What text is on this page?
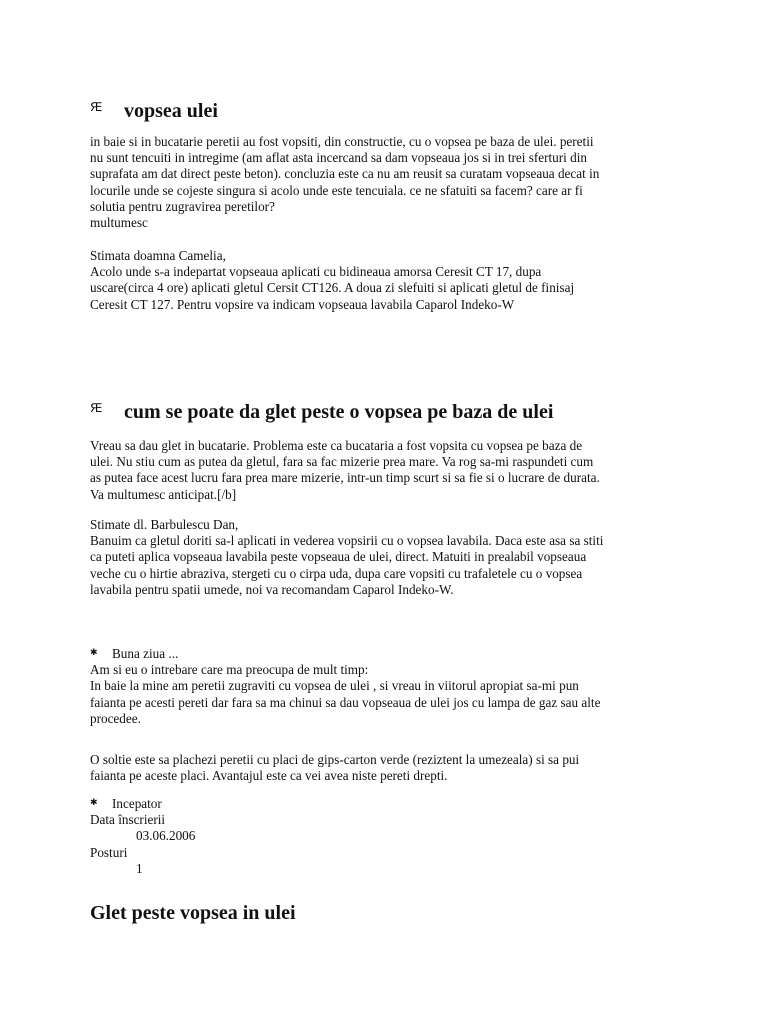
Ԙ vopsea ulei
in baie si in bucatarie peretii au fost vopsiti, din constructie, cu o vopsea pe baza de ulei. peretii
nu sunt tencuiti in intregime (am aflat asta incercand sa dam vopseaua jos si in trei sferturi din
suprafata am dat direct peste beton). concluzia este ca nu am reusit sa curatam vopseaua decat in
locurile unde se cojeste singura si acolo unde este tencuiala. ce ne sfatuiti sa facem? care ar fi
solutia pentru zugravirea peretilor?
multumesc
Stimata doamna Camelia,
Acolo unde s-a indepartat vopseaua aplicati cu bidineaua amorsa Ceresit CT 17, dupa
uscare(circa 4 ore) aplicati gletul Cersit CT126. A doua zi slefuiti si aplicati gletul de finisaj
Ceresit CT 127. Pentru vopsire va indicam vopseaua lavabila Caparol Indeko-W
Ԙ cum se poate da glet peste o vopsea pe baza de ulei
Vreau sa dau glet in bucatarie. Problema este ca bucataria a fost vopsita cu vopsea pe baza de
ulei. Nu stiu cum as putea da gletul, fara sa fac mizerie prea mare. Va rog sa-mi raspundeti cum
as putea face acest lucru fara prea mare mizerie, intr-un timp scurt si sa fie si o lucrare de durata.
Va multumesc anticipat.[/b]
Stimate dl. Barbulescu Dan,
Banuim ca gletul doriti sa-l aplicati in vederea vopsirii cu o vopsea lavabila. Daca este asa sa stiti
ca puteti aplica vopseaua lavabila peste vopseaua de ulei, direct. Matuiti in prealabil vopseaua
veche cu o hirtie abraziva, stergeti cu o cirpa uda, dupa care vopsiti cu trafaletele cu o vopsea
lavabila pentru spatii umede, noi va recomandam Caparol Indeko-W.
✱ Buna ziua ...
Am si eu o intrebare care ma preocupa de mult timp:
In baie la mine am peretii zugraviti cu vopsea de ulei , si vreau in viitorul apropiat sa-mi pun
faianta pe acesti pereti dar fara sa ma chinui sa dau vopseaua de ulei jos cu lampa de gaz sau alte
procedee.
O soltie este sa plachezi peretii cu placi de gips-carton verde (reziztent la umezeala) si sa pui
faianta pe aceste placi. Avantajul este ca vei avea niste pereti drepti.
✱ Incepator
Data înscrierii
03.06.2006
Posturi
1
Glet peste vopsea in ulei
